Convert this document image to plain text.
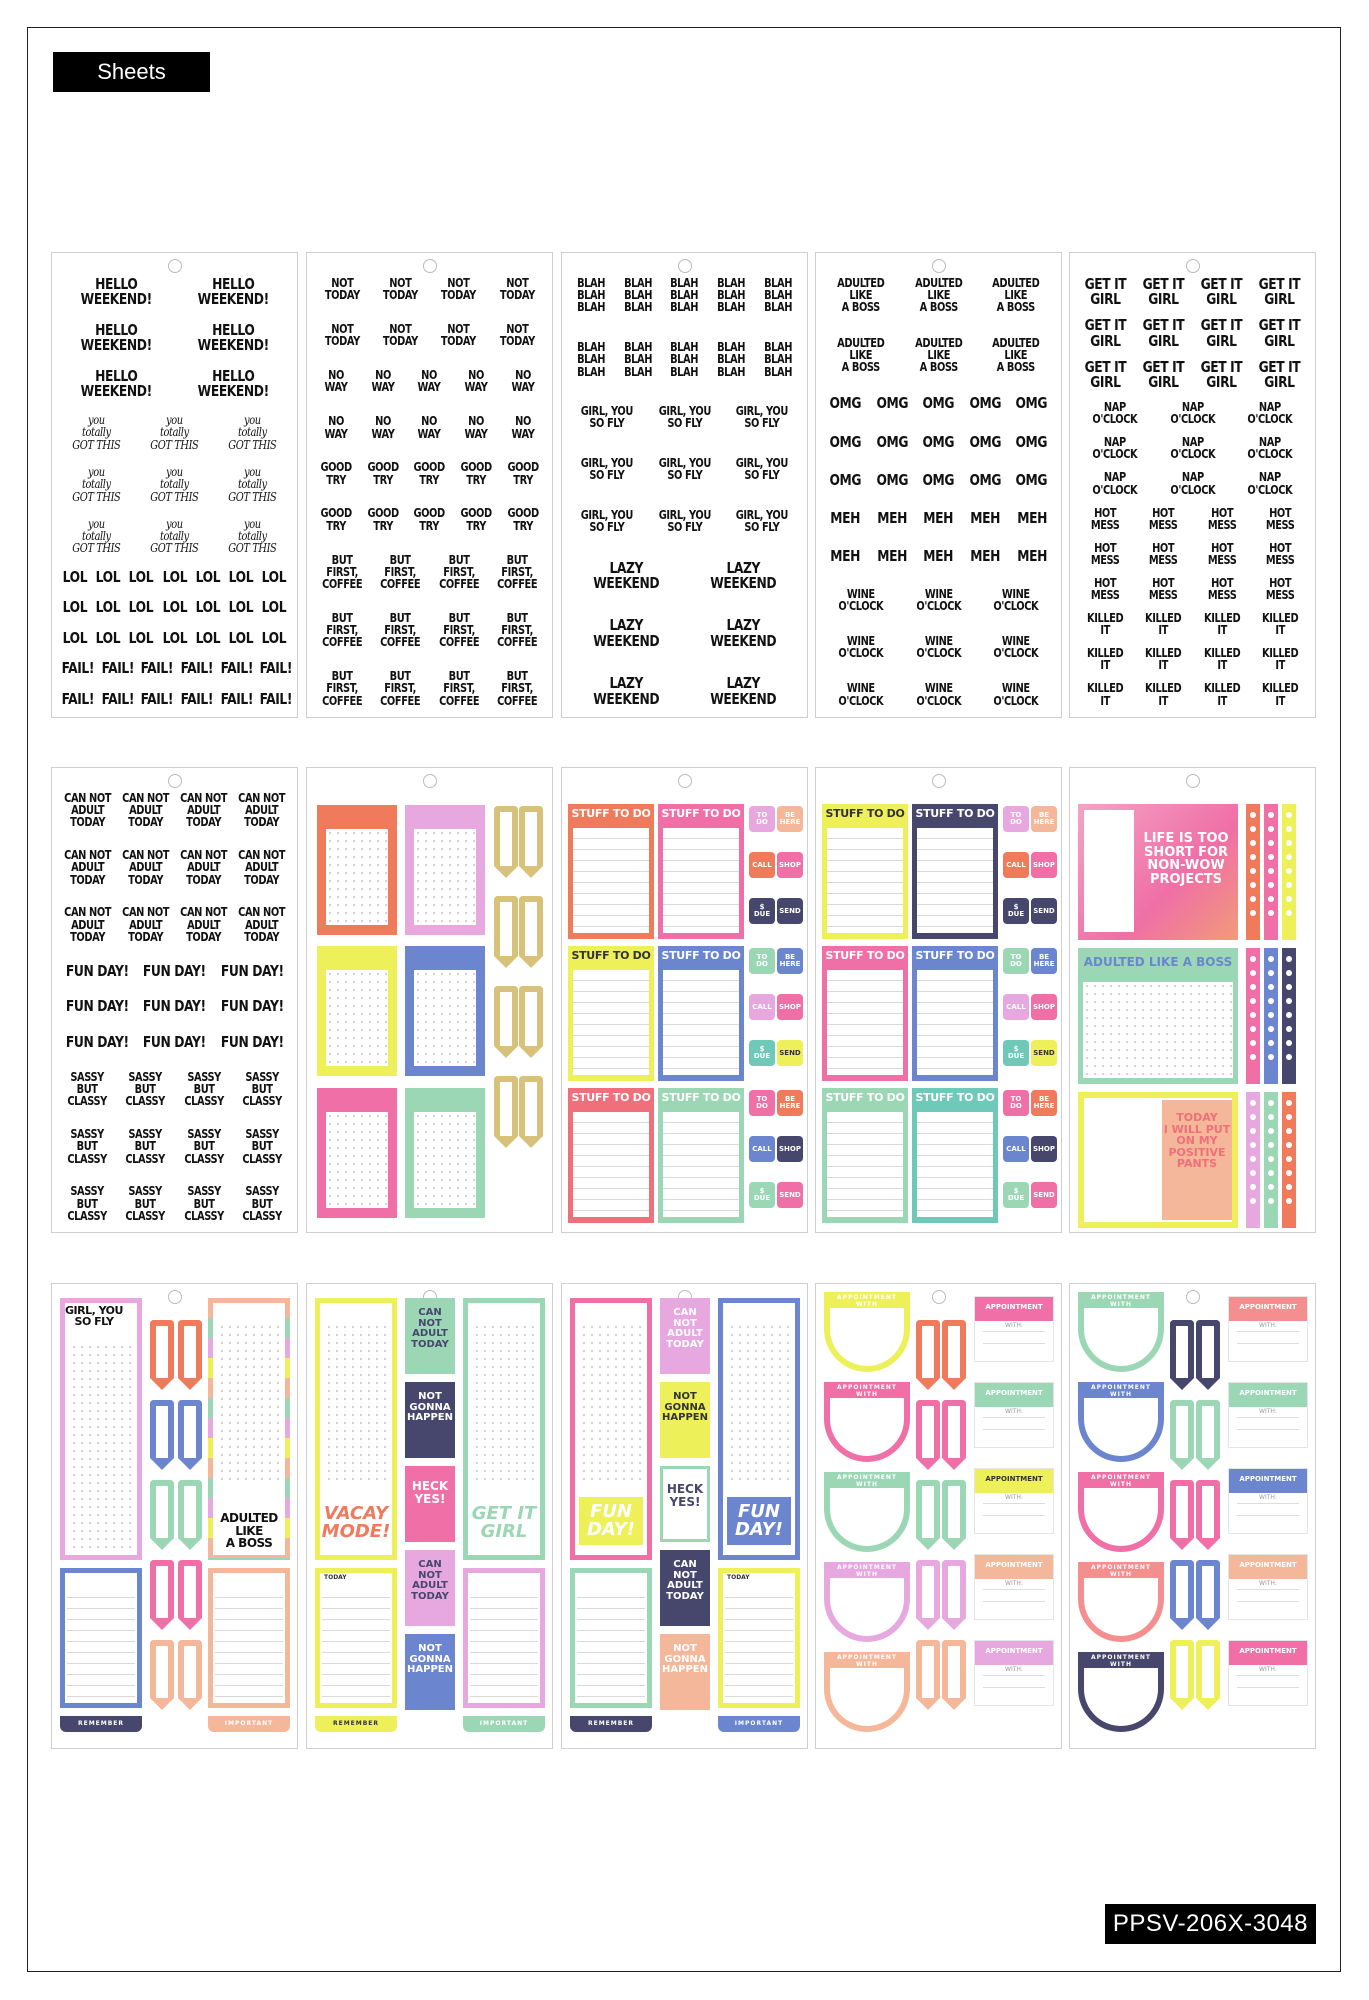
Sheets
PPSV-206X-3048
HELLO WEEKEND!
HELLO WEEKEND!
HELLO WEEKEND!
HELLO WEEKEND!
HELLO WEEKEND!
HELLO WEEKEND!
you
totally
GOT THIS
you
totally
GOT THIS
you
totally
GOT THIS
you
totally
GOT THIS
you
totally
GOT THIS
you
totally
GOT THIS
you
totally
GOT THIS
you
totally
GOT THIS
you
totally
GOT THIS
LOL LOL LOL LOL LOL LOL LOL
LOL LOL LOL LOL LOL LOL LOL
LOL LOL LOL LOL LOL LOL LOL
FAIL! FAIL! FAIL! FAIL! FAIL! FAIL!
FAIL! FAIL! FAIL! FAIL! FAIL! FAIL!
NOT
TODAY
NOT
TODAY
NOT
TODAY
NOT
TODAY
NOT
TODAY
NOT
TODAY
NOT
TODAY
NOT
TODAY
NO
WAY
NO
WAY
NO
WAY
NO
WAY
NO
WAY
NO
WAY
NO
WAY
NO
WAY
NO
WAY
NO
WAY
GOOD
TRY
GOOD
TRY
GOOD
TRY
GOOD
TRY
GOOD
TRY
GOOD
TRY
GOOD
TRY
GOOD
TRY
GOOD
TRY
GOOD
TRY
BUT FIRST,
COFFEE
BUT FIRST,
COFFEE
BUT FIRST,
COFFEE
BUT FIRST,
COFFEE
BUT FIRST,
COFFEE
BUT FIRST,
COFFEE
BUT FIRST,
COFFEE
BUT FIRST,
COFFEE
BUT FIRST,
COFFEE
BUT FIRST,
COFFEE
BUT FIRST,
COFFEE
BUT FIRST,
COFFEE
BLAH
BLAH
BLAH
BLAH
BLAH
BLAH
BLAH
BLAH
BLAH
BLAH
BLAH
BLAH
BLAH
BLAH
BLAH
BLAH
BLAH
BLAH
BLAH
BLAH
BLAH
BLAH
BLAH
BLAH
BLAH
BLAH
BLAH
BLAH
BLAH
BLAH
GIRL, YOU
SO FLY
GIRL, YOU
SO FLY
GIRL, YOU
SO FLY
GIRL, YOU
SO FLY
GIRL, YOU
SO FLY
GIRL, YOU
SO FLY
GIRL, YOU
SO FLY
GIRL, YOU
SO FLY
GIRL, YOU
SO FLY
LAZY WEEKEND
LAZY WEEKEND
LAZY WEEKEND
LAZY WEEKEND
LAZY WEEKEND
LAZY WEEKEND
ADULTED
LIKE
A BOSS
ADULTED
LIKE
A BOSS
ADULTED
LIKE
A BOSS
ADULTED
LIKE
A BOSS
ADULTED
LIKE
A BOSS
ADULTED
LIKE
A BOSS
OMG OMG OMG OMG OMG
OMG OMG OMG OMG OMG
OMG OMG OMG OMG OMG
MEH MEH MEH MEH MEH
MEH MEH MEH MEH MEH
WINE O'CLOCK
WINE O'CLOCK
WINE O'CLOCK
WINE O'CLOCK
WINE O'CLOCK
WINE O'CLOCK
WINE O'CLOCK
WINE O'CLOCK
WINE O'CLOCK
GET IT
GIRL
GET IT
GIRL
GET IT
GIRL
GET IT
GIRL
GET IT
GIRL
GET IT
GIRL
GET IT
GIRL
GET IT
GIRL
GET IT
GIRL
GET IT
GIRL
GET IT
GIRL
GET IT
GIRL
NAP O'CLOCK
NAP O'CLOCK
NAP O'CLOCK
NAP O'CLOCK
NAP O'CLOCK
NAP O'CLOCK
NAP O'CLOCK
NAP O'CLOCK
NAP O'CLOCK
HOT MESS
HOT MESS
HOT MESS
HOT MESS
HOT MESS
HOT MESS
HOT MESS
HOT MESS
HOT MESS
HOT MESS
HOT MESS
HOT MESS
KILLED IT
KILLED IT
KILLED IT
KILLED IT
KILLED IT
KILLED IT
KILLED IT
KILLED IT
KILLED IT
KILLED IT
KILLED IT
KILLED IT
CAN NOT
ADULT
TODAY
CAN NOT
ADULT
TODAY
CAN NOT
ADULT
TODAY
CAN NOT
ADULT
TODAY
CAN NOT
ADULT
TODAY
CAN NOT
ADULT
TODAY
CAN NOT
ADULT
TODAY
CAN NOT
ADULT
TODAY
CAN NOT
ADULT
TODAY
CAN NOT
ADULT
TODAY
CAN NOT
ADULT
TODAY
CAN NOT
ADULT
TODAY
FUN DAY! FUN DAY! FUN DAY!
FUN DAY! FUN DAY! FUN DAY!
FUN DAY! FUN DAY! FUN DAY!
SASSY BUT
CLASSY
SASSY BUT
CLASSY
SASSY BUT
CLASSY
SASSY BUT
CLASSY
SASSY BUT
CLASSY
SASSY BUT
CLASSY
SASSY BUT
CLASSY
SASSY BUT
CLASSY
SASSY BUT
CLASSY
SASSY BUT
CLASSY
SASSY BUT
CLASSY
SASSY BUT
CLASSY
STUFF TO DO STUFF TO DO
STUFF TO DO STUFF TO DO
STUFF TO DO STUFF TO DO
TO
DO
BE
HERE
CALL	SHOP
$
DUE	SEND
TO
DO
BE
HERE
CALL	SHOP
$
DUE	SEND
TO
DO
BE
HERE
CALL	SHOP
$
DUE	SEND
STUFF TO DO STUFF TO DO
STUFF TO DO STUFF TO DO
STUFF TO DO STUFF TO DO
TO
DO
BE
HERE
CALL	SHOP
$
DUE	SEND
TO
DO
BE
HERE
CALL	SHOP
$
DUE	SEND
TO
DO
BE
HERE
CALL	SHOP
$
DUE	SEND
LIFE IS TOO
SHORT FOR
NON-WOW
PROJECTS
ADULTED LIKE A BOSS
TODAY
I WILL PUT
ON MY
POSITIVE
PANTS
GIRL, YOU
SO FLY
ADULTED
LIKE
A BOSS
TODAY	TODAY
REMEMBER	IMPORTANT
VACAY
MODE!
CAN
NOT
ADULT
TODAY
NOT
GONNA
HAPPEN
HECK
YES!
CAN
NOT
ADULT
TODAY
NOT
GONNA
HAPPEN
GET IT
GIRL
TODAY	TODAY
REMEMBER	IMPORTANT
FUN
DAY!
CAN
NOT
ADULT
TODAY
NOT
GONNA
HAPPEN
HECK
YES!
CAN
NOT
ADULT
TODAY
NOT
GONNA
HAPPEN
FUN
DAY!
TODAY	TODAY
REMEMBER	IMPORTANT
APPOINTMENT
WITH
APPOINTMENT
WITH
APPOINTMENT
WITH
APPOINTMENT
WITH
APPOINTMENT
WITH
APPOINTMENT
WITH:
APPOINTMENT
WITH:
APPOINTMENT
WITH:
APPOINTMENT
WITH:
APPOINTMENT
WITH:
APPOINTMENT
WITH
APPOINTMENT
WITH
APPOINTMENT
WITH
APPOINTMENT
WITH
APPOINTMENT
WITH
APPOINTMENT
WITH:
APPOINTMENT
WITH:
APPOINTMENT
WITH:
APPOINTMENT
WITH:
APPOINTMENT
WITH:
